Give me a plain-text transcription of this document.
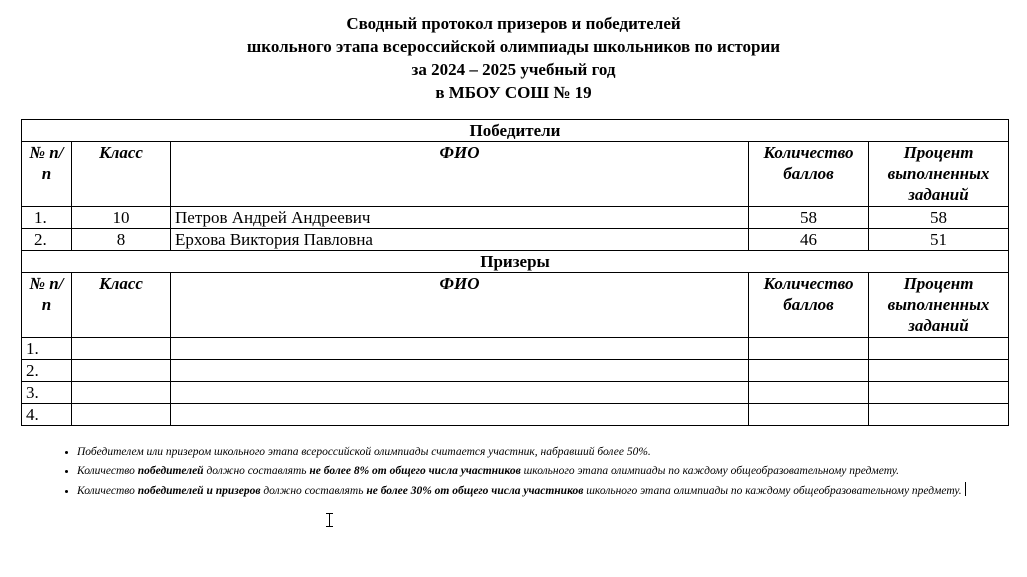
Сводный протокол призеров и победителей
школьного этапа всероссийской олимпиады школьников по истории
за 2024 – 2025 учебный год
в МБОУ СОШ № 19
Победители				
№ п/п	Класс	ФИО	Количество баллов	Процент выполненных заданий
1.	10	Петров Андрей Андреевич	58	58
2.	8	Ерхова Виктория Павловна	46	51
Призеры				
№ п/п	Класс	ФИО	Количество баллов	Процент выполненных заданий
1.				
2.				
3.				
4.				
• Победителем или призером школьного этапа всероссийской олимпиады считается участник, набравший более 50%.
• Количество победителей должно составлять не более 8% от общего числа участников школьного этапа олимпиады по каждому общеобразовательному предмету.
• Количество победителей и призеров должно составлять не более 30% от общего числа участников школьного этапа олимпиады по каждому общеобразовательному предмету.
